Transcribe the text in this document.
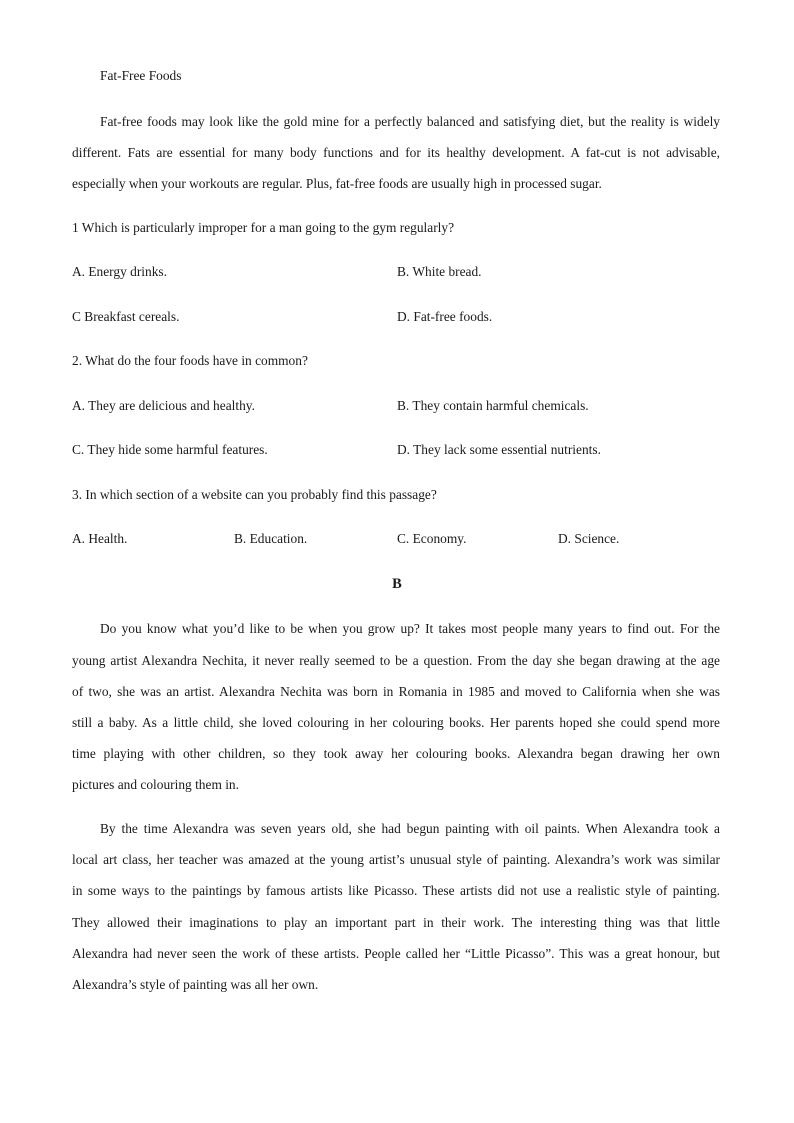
Fat-Free Foods
Fat-free foods may look like the gold mine for a perfectly balanced and satisfying diet, but the reality is widely
different. Fats are essential for many body functions and for its healthy development. A fat-cut is not advisable,
especially when your workouts are regular. Plus, fat-free foods are usually high in processed sugar.
1 Which is particularly improper for a man going to the gym regularly?
A. Energy drinks.	B. White bread.
C Breakfast cereals.	D. Fat-free foods.
2. What do the four foods have in common?
A. They are delicious and healthy.	B. They contain harmful chemicals.
C. They hide some harmful features.	D. They lack some essential nutrients.
3. In which section of a website can you probably find this passage?
A. Health.	B. Education.	C. Economy.	D. Science.
B
Do you know what you’d like to be when you grow up? It takes most people many years to find out. For the
young artist Alexandra Nechita, it never really seemed to be a question. From the day she began drawing at the age
of two, she was an artist. Alexandra Nechita was born in Romania in 1985 and moved to California when she was
still a baby. As a little child, she loved colouring in her colouring books. Her parents hoped she could spend more
time playing with other children, so they took away her colouring books. Alexandra began drawing her own
pictures and colouring them in.
By the time Alexandra was seven years old, she had begun painting with oil paints. When Alexandra took a
local art class, her teacher was amazed at the young artist’s unusual style of painting. Alexandra’s work was similar
in some ways to the paintings by famous artists like Picasso. These artists did not use a realistic style of painting.
They allowed their imaginations to play an important part in their work. The interesting thing was that little
Alexandra had never seen the work of these artists. People called her “Little Picasso”. This was a great honour, but
Alexandra’s style of painting was all her own.
